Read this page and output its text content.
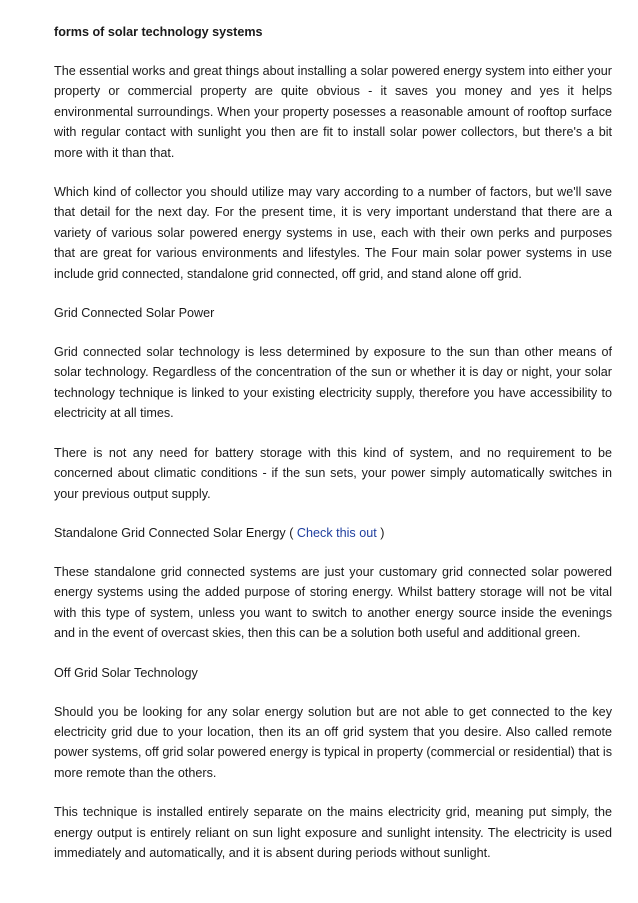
forms of solar technology systems

The essential works and great things about installing a solar powered energy system into either your property or commercial property are quite obvious - it saves you money and yes it helps environmental surroundings. When your property posesses a reasonable amount of rooftop surface with regular contact with sunlight you then are fit to install solar power collectors, but there's a bit more with it than that.

Which kind of collector you should utilize may vary according to a number of factors, but we'll save that detail for the next day. For the present time, it is very important understand that there are a variety of various solar powered energy systems in use, each with their own perks and purposes that are great for various environments and lifestyles. The Four main solar power systems in use include grid connected, standalone grid connected, off grid, and stand alone off grid.

Grid Connected Solar Power

Grid connected solar technology is less determined by exposure to the sun than other means of solar technology. Regardless of the concentration of the sun or whether it is day or night, your solar technology technique is linked to your existing electricity supply, therefore you have accessibility to electricity at all times.

There is not any need for battery storage with this kind of system, and no requirement to be concerned about climatic conditions - if the sun sets, your power simply automatically switches in your previous output supply.

Standalone Grid Connected Solar Energy ( Check this out )

These standalone grid connected systems are just your customary grid connected solar powered energy systems using the added purpose of storing energy. Whilst battery storage will not be vital with this type of system, unless you want to switch to another energy source inside the evenings and in the event of overcast skies, then this can be a solution both useful and additional green.

Off Grid Solar Technology

Should you be looking for any solar energy solution but are not able to get connected to the key electricity grid due to your location, then its an off grid system that you desire. Also called remote power systems, off grid solar powered energy is typical in property (commercial or residential) that is more remote than the others.

This technique is installed entirely separate on the mains electricity grid, meaning put simply, the energy output is entirely reliant on sun light exposure and sunlight intensity. The electricity is used immediately and automatically, and it is absent during periods without sunlight.
